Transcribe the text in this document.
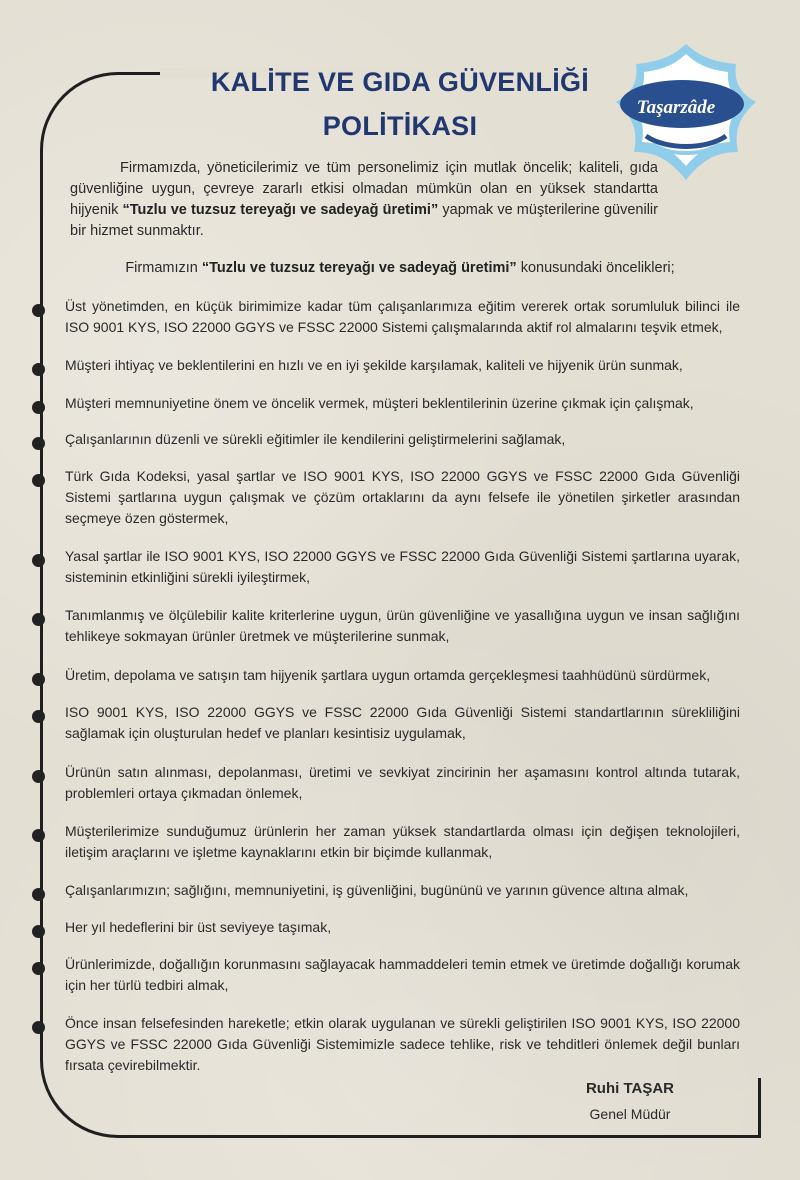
KALİTE VE GIDA GÜVENLİĞİ
POLİTİKASI
Taşarzâde
Firmamızda, yöneticilerimiz ve tüm personelimiz için mutlak öncelik; kaliteli, gıda güvenliğine uygun, çevreye zararlı etkisi olmadan mümkün olan en yüksek standartta hijyenik “Tuzlu ve tuzsuz tereyağı ve sadeyağ üretimi” yapmak ve müşterilerine güvenilir bir hizmet sunmaktır.
Firmamızın “Tuzlu ve tuzsuz tereyağı ve sadeyağ üretimi” konusundaki öncelikleri;
Üst yönetimden, en küçük birimimize kadar tüm çalışanlarımıza eğitim vererek ortak sorumluluk bilinci ile ISO 9001 KYS, ISO 22000 GGYS ve FSSC 22000 Sistemi çalışmalarında aktif rol almalarını teşvik etmek,
Müşteri ihtiyaç ve beklentilerini en hızlı ve en iyi şekilde karşılamak, kaliteli ve hijyenik ürün sunmak,
Müşteri memnuniyetine önem ve öncelik vermek, müşteri beklentilerinin üzerine çıkmak için çalışmak,
Çalışanlarının düzenli ve sürekli eğitimler ile kendilerini geliştirmelerini sağlamak,
Türk Gıda Kodeksi, yasal şartlar ve ISO 9001 KYS, ISO 22000 GGYS ve FSSC 22000 Gıda Güvenliği Sistemi şartlarına uygun çalışmak ve çözüm ortaklarını da aynı felsefe ile yönetilen şirketler arasından seçmeye özen göstermek,
Yasal şartlar ile ISO 9001 KYS, ISO 22000 GGYS ve FSSC 22000 Gıda Güvenliği Sistemi şartlarına uyarak, sisteminin etkinliğini sürekli iyileştirmek,
Tanımlanmış ve ölçülebilir kalite kriterlerine uygun, ürün güvenliğine ve yasallığına uygun ve insan sağlığını tehlikeye sokmayan ürünler üretmek ve müşterilerine sunmak,
Üretim, depolama ve satışın tam hijyenik şartlara uygun ortamda gerçekleşmesi taahhüdünü sürdürmek,
ISO 9001 KYS, ISO 22000 GGYS ve FSSC 22000 Gıda Güvenliği Sistemi standartlarının sürekliliğini sağlamak için oluşturulan hedef ve planları kesintisiz uygulamak,
Ürünün satın alınması, depolanması, üretimi ve sevkiyat zincirinin her aşamasını kontrol altında tutarak, problemleri ortaya çıkmadan önlemek,
Müşterilerimize sunduğumuz ürünlerin her zaman yüksek standartlarda olması için değişen teknolojileri, iletişim araçlarını ve işletme kaynaklarını etkin bir biçimde kullanmak,
Çalışanlarımızın; sağlığını, memnuniyetini, iş güvenliğini, bugününü ve yarının güvence altına almak,
Her yıl hedeflerini bir üst seviyeye taşımak,
Ürünlerimizde, doğallığın korunmasını sağlayacak hammaddeleri temin etmek ve üretimde doğallığı korumak için her türlü tedbiri almak,
Önce insan felsefesinden hareketle; etkin olarak uygulanan ve sürekli geliştirilen ISO 9001 KYS, ISO 22000 GGYS ve FSSC 22000 Gıda Güvenliği Sistemimizle sadece tehlike, risk ve tehditleri önlemek değil bunları fırsata çevirebilmektir.
Ruhi TAŞAR
Genel Müdür
